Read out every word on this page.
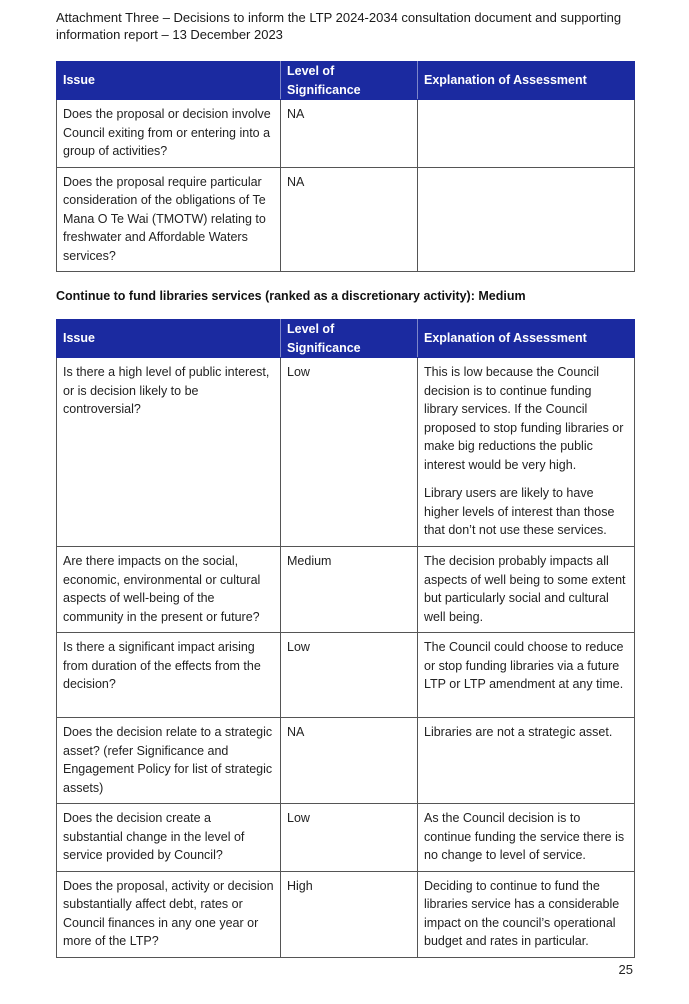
Attachment Three – Decisions to inform the LTP 2024-2034 consultation document and supporting information report – 13 December 2023
Issue	Level of Significance	Explanation of Assessment
Does the proposal or decision involve Council exiting from or entering into a group of activities?	NA	
Does the proposal require particular consideration of the obligations of Te Mana O Te Wai (TMOTW) relating to freshwater and Affordable Waters services?	NA	
Continue to fund libraries services (ranked as a discretionary activity): Medium
Issue	Level of Significance	Explanation of Assessment
Is there a high level of public interest, or is decision likely to be controversial?	Low	This is low because the Council decision is to continue funding library services. If the Council proposed to stop funding libraries or make big reductions the public interest would be very high.

Library users are likely to have higher levels of interest than those that don’t not use these services.

Are there impacts on the social, economic, environmental or cultural aspects of well-being of the community in the present or future?	Medium	The decision probably impacts all aspects of well being to some extent but particularly social and cultural well being.

Is there a significant impact arising from duration of the effects from the decision?	Low	The Council could choose to reduce or stop funding libraries via a future LTP or LTP amendment at any time.

Does the decision relate to a strategic asset? (refer Significance and Engagement Policy for list of strategic assets)	NA	Libraries are not a strategic asset.

Does the decision create a substantial change in the level of service provided by Council?	Low	As the Council decision is to continue funding the service there is no change to level of service.

Does the proposal, activity or decision substantially affect debt, rates or Council finances in any one year or more of the LTP?	High	Deciding to continue to fund the libraries service has a considerable impact on the council’s operational budget and rates in particular.

25
